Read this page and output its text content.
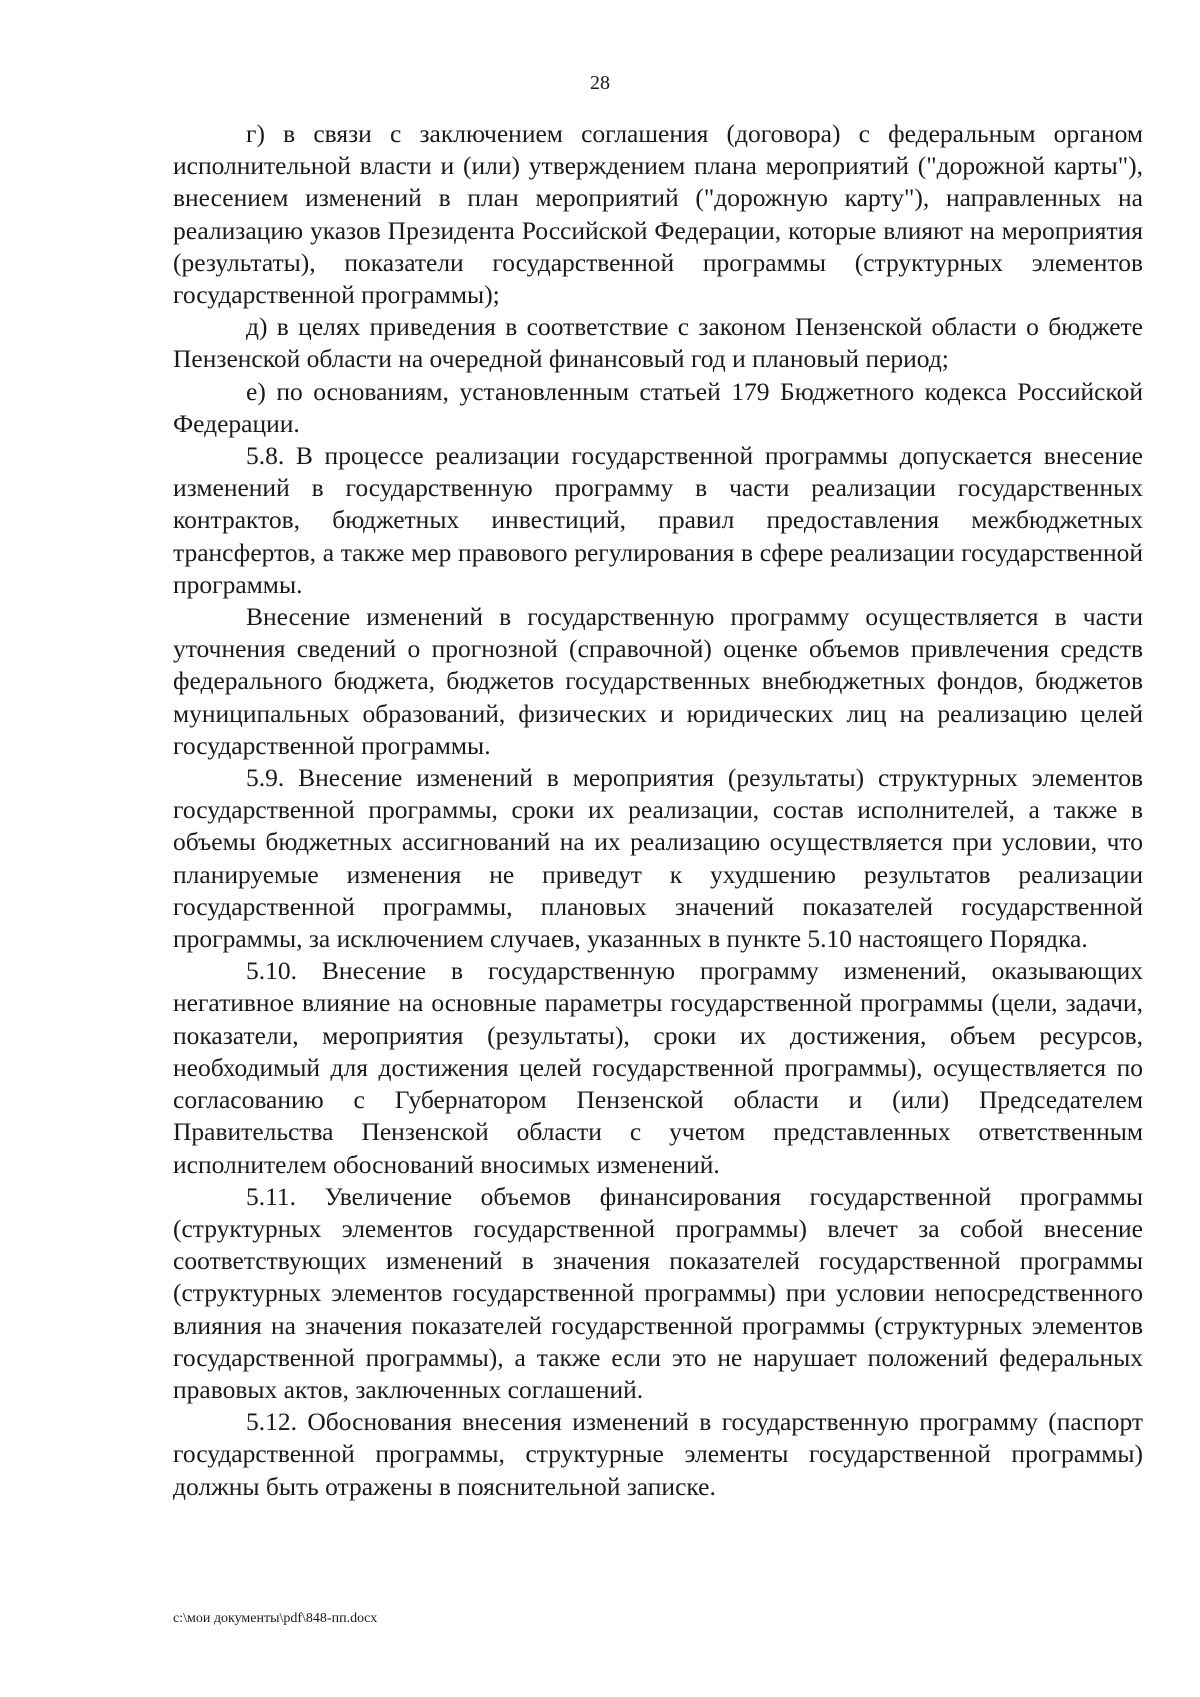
28

г) в связи с заключением соглашения (договора) с федеральным органом исполнительной власти и (или) утверждением плана мероприятий ("дорожной карты"), внесением изменений в план мероприятий ("дорожную карту"), направленных на реализацию указов Президента Российской Федерации, которые влияют на мероприятия (результаты), показатели государственной программы (структурных элементов государственной программы);

д) в целях приведения в соответствие с законом Пензенской области о бюджете Пензенской области на очередной финансовый год и плановый период;

е) по основаниям, установленным статьей 179 Бюджетного кодекса Российской Федерации.

5.8. В процессе реализации государственной программы допускается внесение изменений в государственную программу в части реализации государственных контрактов, бюджетных инвестиций, правил предоставления межбюджетных трансфертов, а также мер правового регулирования в сфере реализации государственной программы.

Внесение изменений в государственную программу осуществляется в части уточнения сведений о прогнозной (справочной) оценке объемов привлечения средств федерального бюджета, бюджетов государственных внебюджетных фондов, бюджетов муниципальных образований, физических и юридических лиц на реализацию целей государственной программы.

5.9. Внесение изменений в мероприятия (результаты) структурных элементов государственной программы, сроки их реализации, состав исполнителей, а также в объемы бюджетных ассигнований на их реализацию осуществляется при условии, что планируемые изменения не приведут к ухудшению результатов реализации государственной программы, плановых значений показателей государственной программы, за исключением случаев, указанных в пункте 5.10 настоящего Порядка.

5.10. Внесение в государственную программу изменений, оказывающих негативное влияние на основные параметры государственной программы (цели, задачи, показатели, мероприятия (результаты), сроки их достижения, объем ресурсов, необходимый для достижения целей государственной программы), осуществляется по согласованию с Губернатором Пензенской области и (или) Председателем Правительства Пензенской области с учетом представленных ответственным исполнителем обоснований вносимых изменений.

5.11. Увеличение объемов финансирования государственной программы (структурных элементов государственной программы) влечет за собой внесение соответствующих изменений в значения показателей государственной программы (структурных элементов государственной программы) при условии непосредственного влияния на значения показателей государственной программы (структурных элементов государственной программы), а также если это не нарушает положений федеральных правовых актов, заключенных соглашений.

5.12. Обоснования внесения изменений в государственную программу (паспорт государственной программы, структурные элементы государственной программы) должны быть отражены в пояснительной записке.

c:\мои документы\pdf\848-пп.docx
